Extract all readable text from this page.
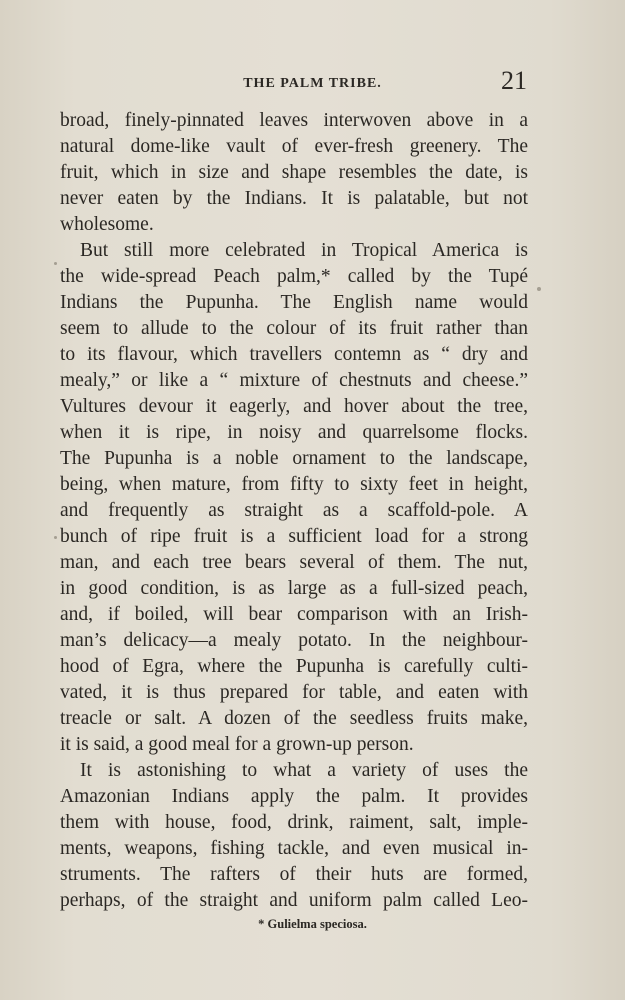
THE PALM TRIBE.	21
broad, finely-pinnated leaves interwoven above in a
natural dome-like vault of ever-fresh greenery. The
fruit, which in size and shape resembles the date, is
never eaten by the Indians. It is palatable, but not
wholesome.
But still more celebrated in Tropical America is
the wide-spread Peach palm,* called by the Tupé
Indians the Pupunha. The English name would
seem to allude to the colour of its fruit rather than
to its flavour, which travellers contemn as “ dry and
mealy,” or like a “ mixture of chestnuts and cheese.”
Vultures devour it eagerly, and hover about the tree,
when it is ripe, in noisy and quarrelsome flocks.
The Pupunha is a noble ornament to the landscape,
being, when mature, from fifty to sixty feet in height,
and frequently as straight as a scaffold-pole. A
bunch of ripe fruit is a sufficient load for a strong
man, and each tree bears several of them. The nut,
in good condition, is as large as a full-sized peach,
and, if boiled, will bear comparison with an Irish-
man’s delicacy—a mealy potato. In the neighbour-
hood of Egra, where the Pupunha is carefully culti-
vated, it is thus prepared for table, and eaten with
treacle or salt. A dozen of the seedless fruits make,
it is said, a good meal for a grown-up person.
It is astonishing to what a variety of uses the
Amazonian Indians apply the palm. It provides
them with house, food, drink, raiment, salt, imple-
ments, weapons, fishing tackle, and even musical in-
struments. The rafters of their huts are formed,
perhaps, of the straight and uniform palm called Leo-
* Gulielma speciosa.
